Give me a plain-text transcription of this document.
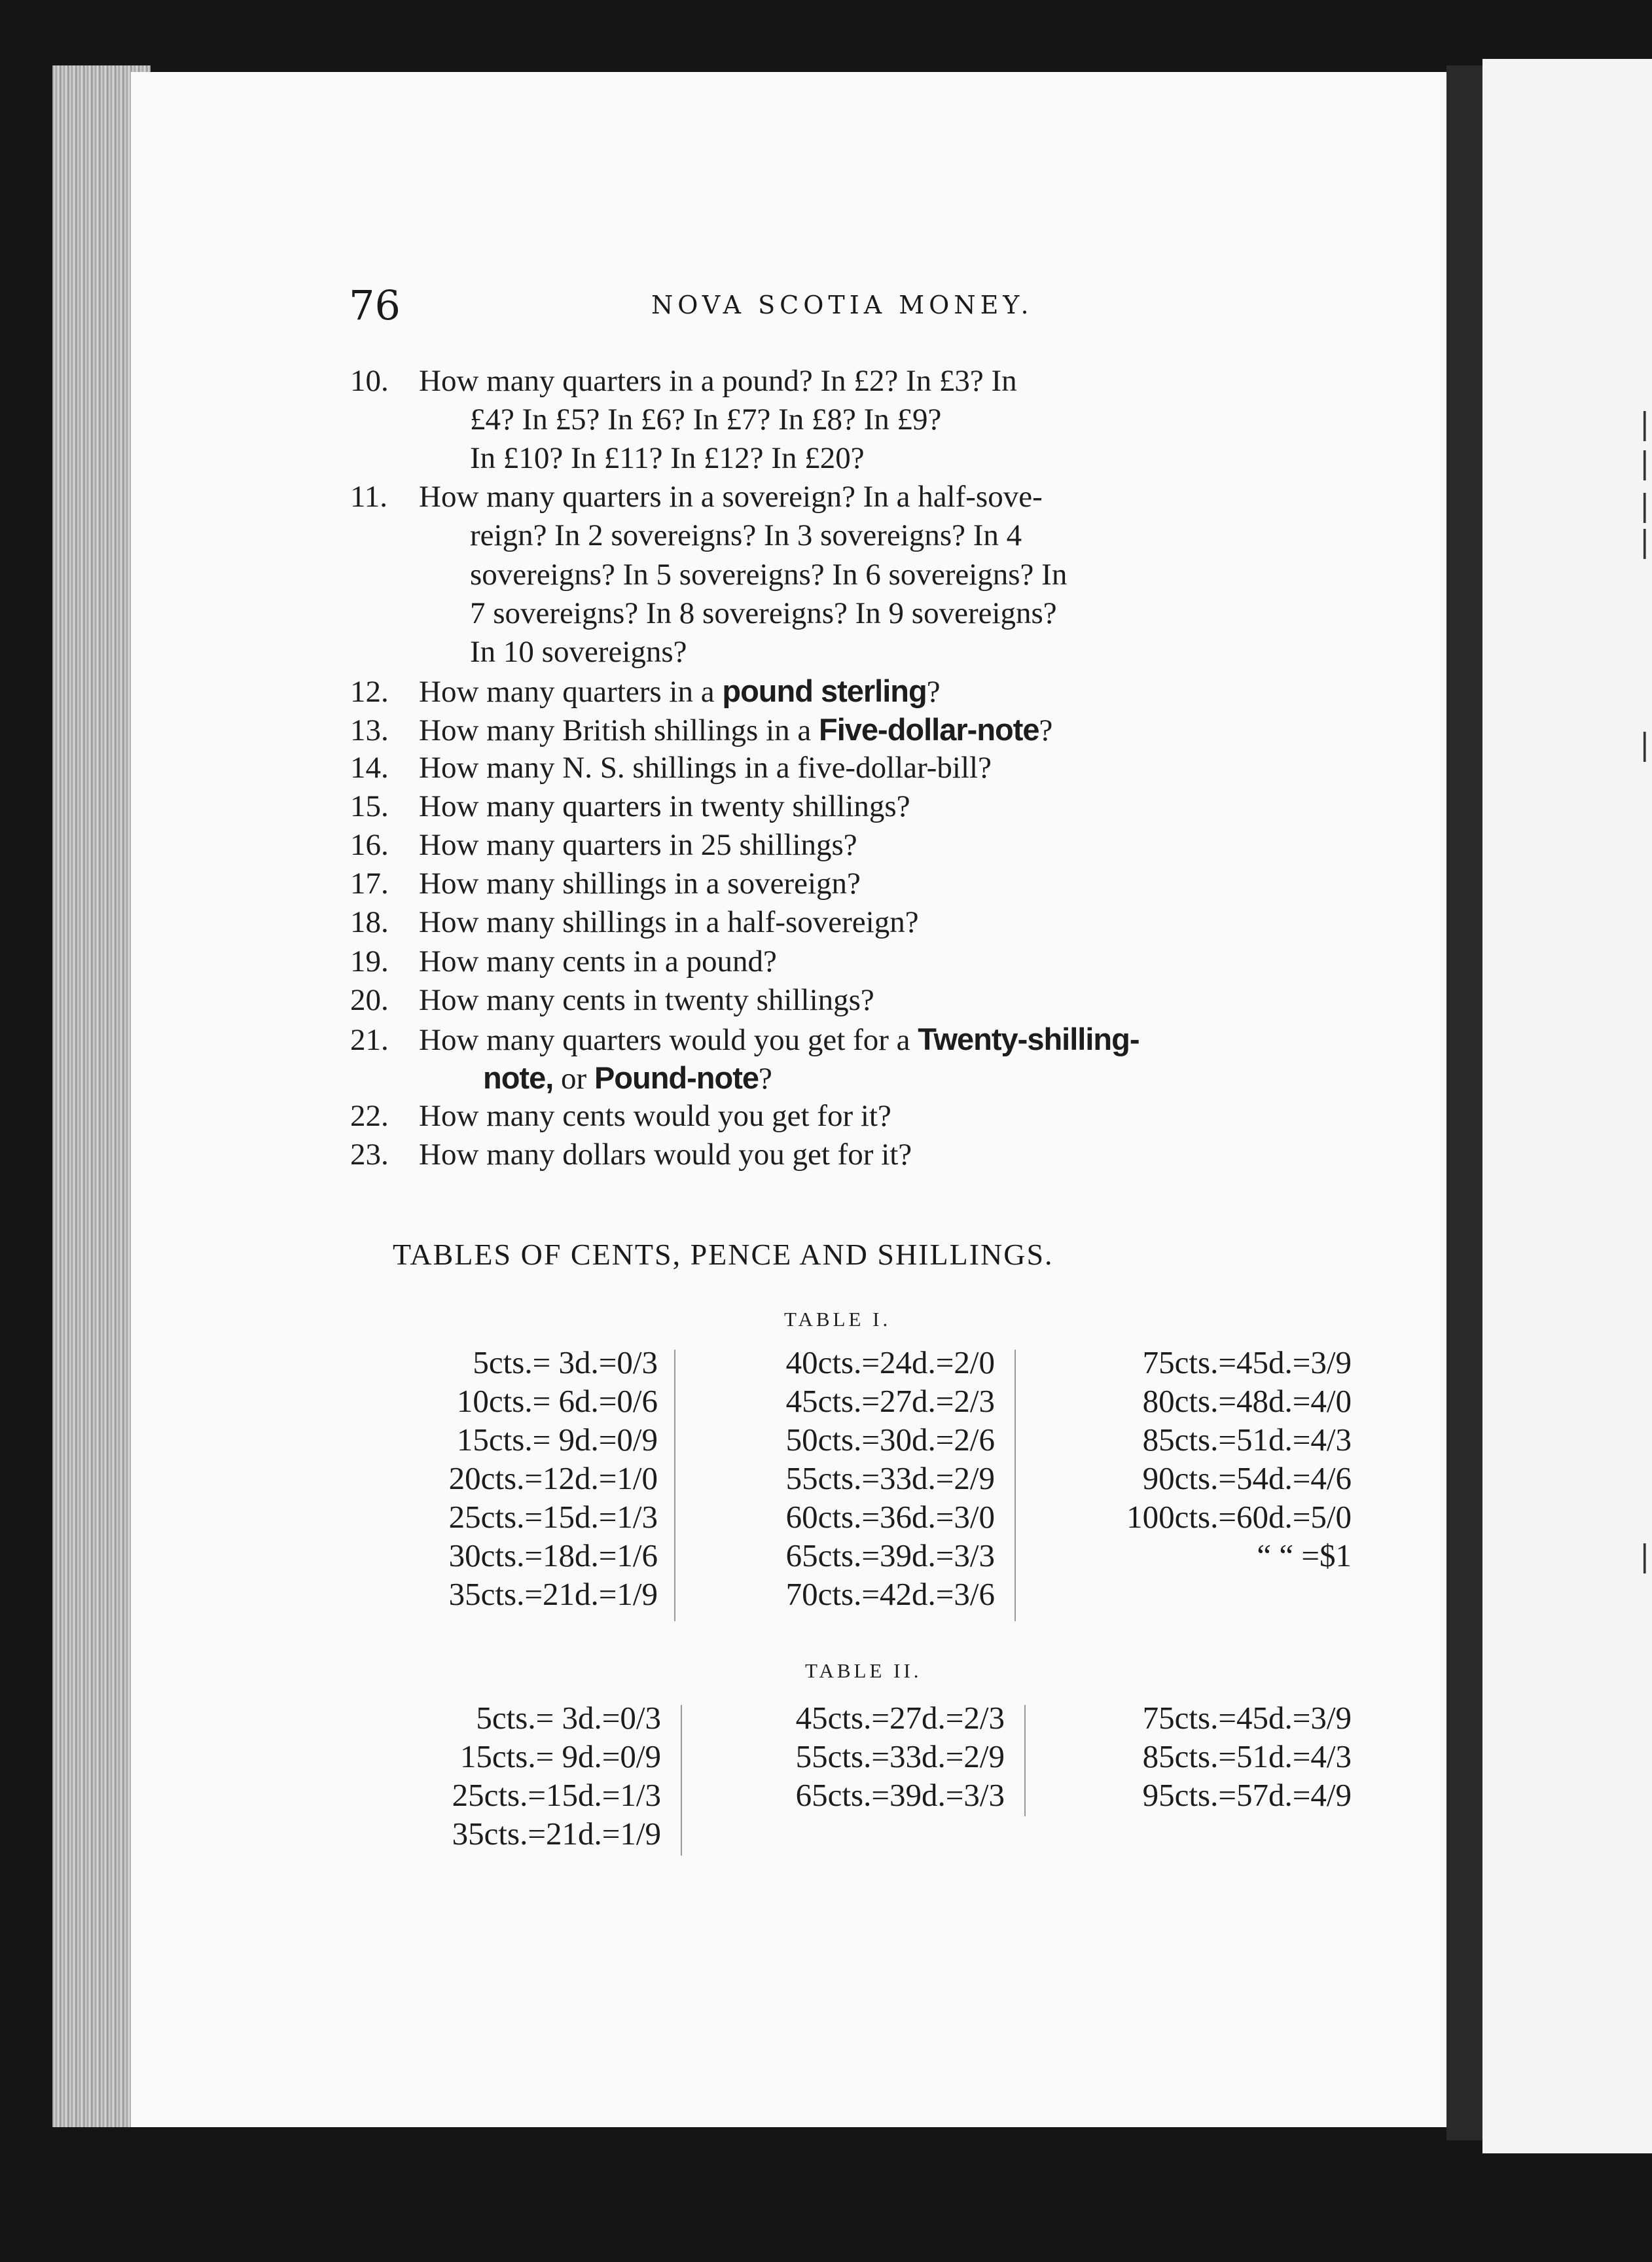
|
|
|
|
|
|
76	NOVA SCOTIA MONEY.
10. How many quarters in a pound? In £2? In £3? In
£4? In £5? In £6? In £7? In £8? In £9?
In £10? In £11? In £12? In £20?
11. How many quarters in a sovereign? In a half-sove-
reign? In 2 sovereigns? In 3 sovereigns? In 4
sovereigns? In 5 sovereigns? In 6 sovereigns? In
7 sovereigns? In 8 sovereigns? In 9 sovereigns?
In 10 sovereigns?
12. How many quarters in a pound sterling?
13. How many British shillings in a Five-dollar-note?
14. How many N. S. shillings in a five-dollar-bill?
15. How many quarters in twenty shillings?
16. How many quarters in 25 shillings?
17. How many shillings in a sovereign?
18. How many shillings in a half-sovereign?
19. How many cents in a pound?
20. How many cents in twenty shillings?
21. How many quarters would you get for a Twenty-shilling-
note, or Pound-note?
22. How many cents would you get for it?
23. How many dollars would you get for it?
TABLES OF CENTS, PENCE AND SHILLINGS.
TABLE I.
5cts.= 3d.=0/3
10cts.= 6d.=0/6
15cts.= 9d.=0/9
20cts.=12d.=1/0
25cts.=15d.=1/3
30cts.=18d.=1/6
35cts.=21d.=1/9
40cts.=24d.=2/0
45cts.=27d.=2/3
50cts.=30d.=2/6
55cts.=33d.=2/9
60cts.=36d.=3/0
65cts.=39d.=3/3
70cts.=42d.=3/6
75cts.=45d.=3/9
80cts.=48d.=4/0
85cts.=51d.=4/3
90cts.=54d.=4/6
100cts.=60d.=5/0
“ “ =$1
TABLE II.
5cts.= 3d.=0/3
15cts.= 9d.=0/9
25cts.=15d.=1/3
35cts.=21d.=1/9
45cts.=27d.=2/3
55cts.=33d.=2/9
65cts.=39d.=3/3
75cts.=45d.=3/9
85cts.=51d.=4/3
95cts.=57d.=4/9
